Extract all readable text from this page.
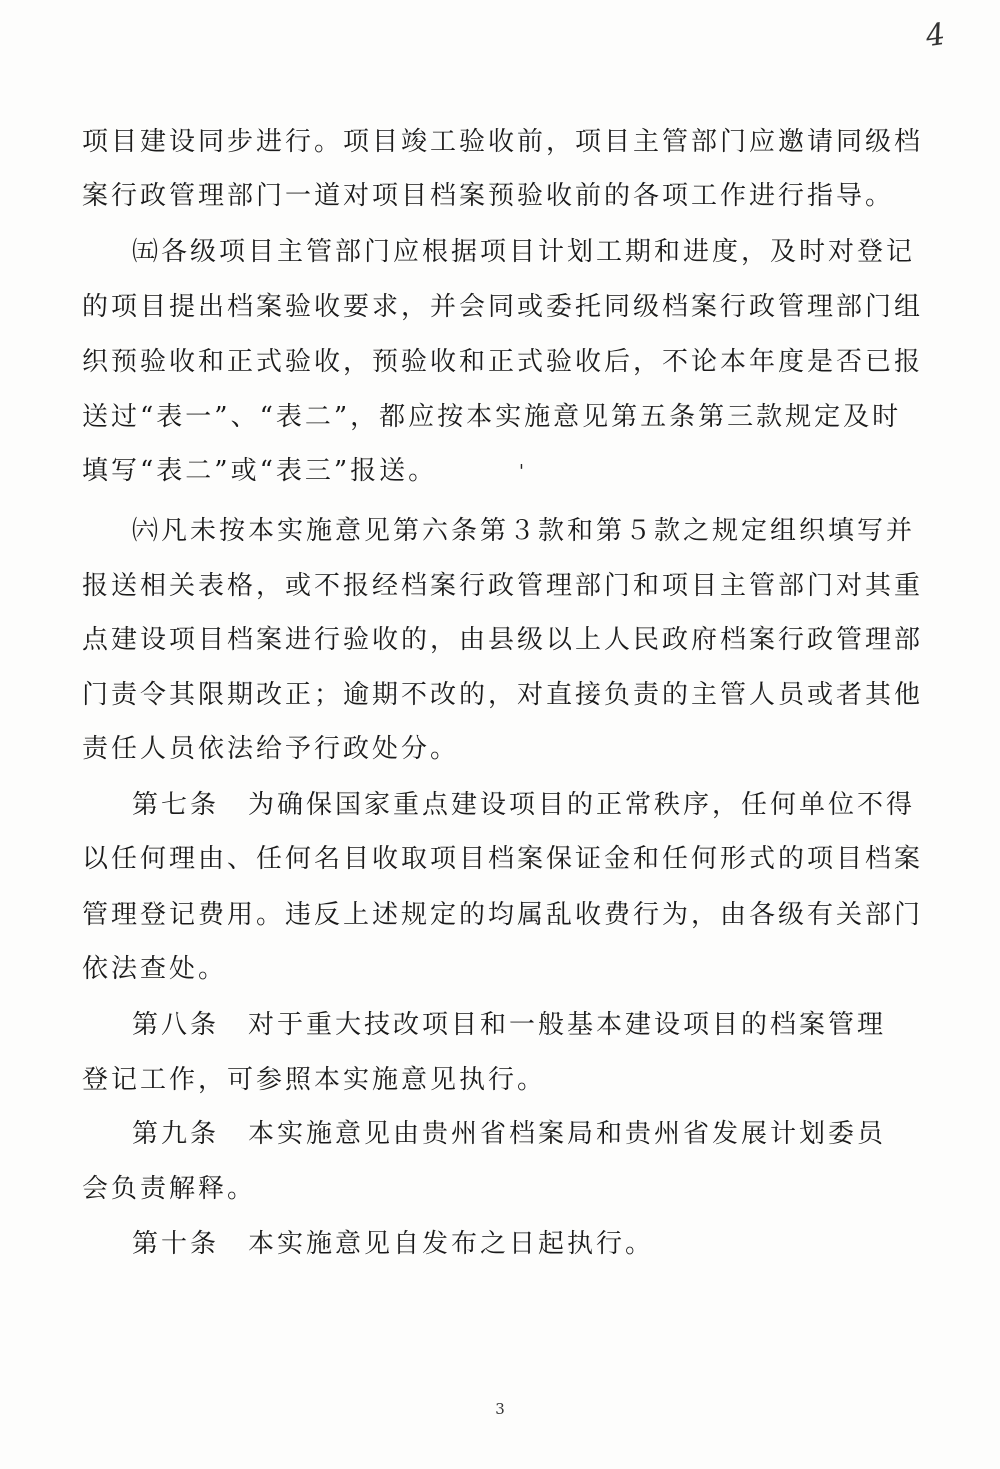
4
项目建设同步进行。项目竣工验收前，项目主管部门应邀请同级档
案行政管理部门一道对项目档案预验收前的各项工作进行指导。
㈤各级项目主管部门应根据项目计划工期和进度，及时对登记
的项目提出档案验收要求，并会同或委托同级档案行政管理部门组
织预验收和正式验收，预验收和正式验收后，不论本年度是否已报
送过“表一”、“表二”，都应按本实施意见第五条第三款规定及时
填写“表二”或“表三”报送。	'
㈥凡未按本实施意见第六条第３款和第５款之规定组织填写并
报送相关表格，或不报经档案行政管理部门和项目主管部门对其重
点建设项目档案进行验收的，由县级以上人民政府档案行政管理部
门责令其限期改正；逾期不改的，对直接负责的主管人员或者其他
责任人员依法给予行政处分。
第七条　为确保国家重点建设项目的正常秩序，任何单位不得
以任何理由、任何名目收取项目档案保证金和任何形式的项目档案
管理登记费用。违反上述规定的均属乱收费行为，由各级有关部门
依法查处。
第八条　对于重大技改项目和一般基本建设项目的档案管理
登记工作，可参照本实施意见执行。
第九条　本实施意见由贵州省档案局和贵州省发展计划委员
会负责解释。
第十条　本实施意见自发布之日起执行。
3
